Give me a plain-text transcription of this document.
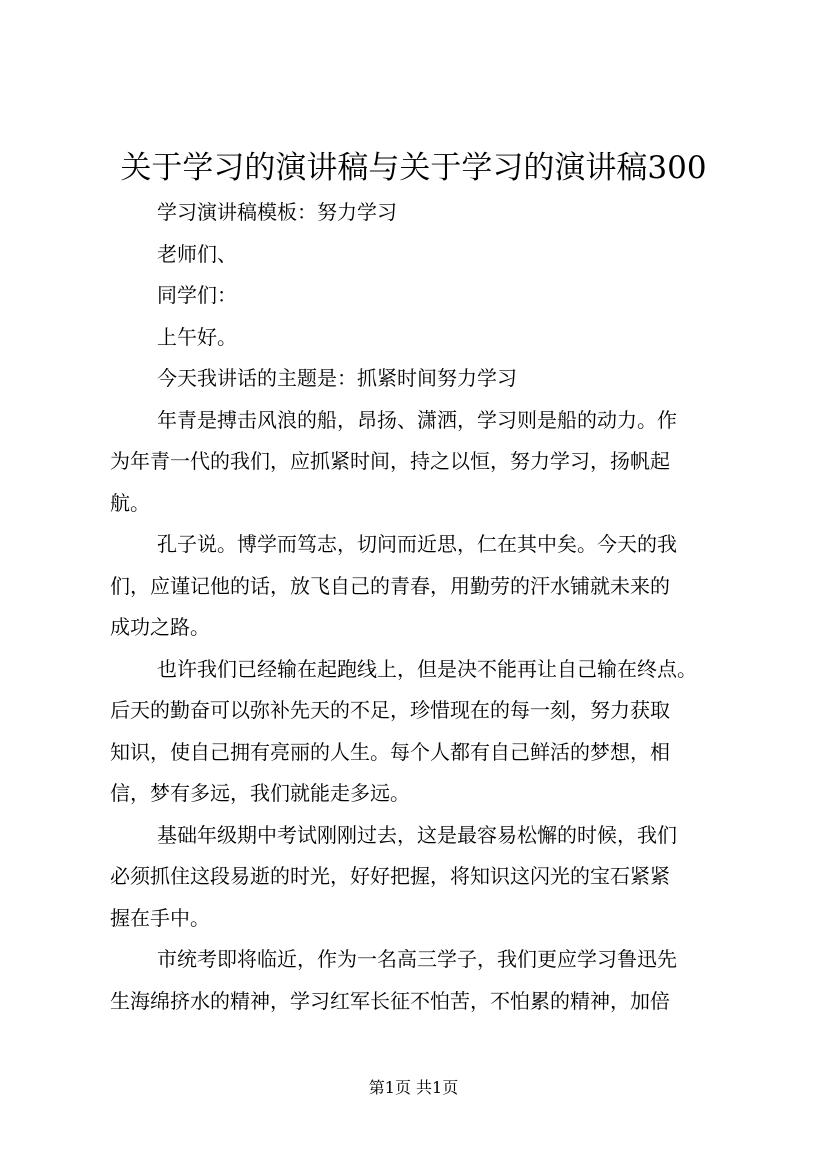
关于学习的演讲稿与关于学习的演讲稿300

学习演讲稿模板：努力学习

老师们、

同学们：

上午好。

今天我讲话的主题是：抓紧时间努力学习

年青是搏击风浪的船，昂扬、潇洒，学习则是船的动力。作

为年青一代的我们，应抓紧时间，持之以恒，努力学习，扬帆起

航。

孔子说。博学而笃志，切问而近思，仁在其中矣。今天的我

们，应谨记他的话，放飞自己的青春，用勤劳的汗水铺就未来的

成功之路。

也许我们已经输在起跑线上，但是决不能再让自己输在终点。

后天的勤奋可以弥补先天的不足，珍惜现在的每一刻，努力获取

知识，使自己拥有亮丽的人生。每个人都有自己鲜活的梦想，相

信，梦有多远，我们就能走多远。

基础年级期中考试刚刚过去，这是最容易松懈的时候，我们

必须抓住这段易逝的时光，好好把握，将知识这闪光的宝石紧紧

握在手中。

市统考即将临近，作为一名高三学子，我们更应学习鲁迅先

生海绵挤水的精神，学习红军长征不怕苦，不怕累的精神，加倍

第1页 共1页
